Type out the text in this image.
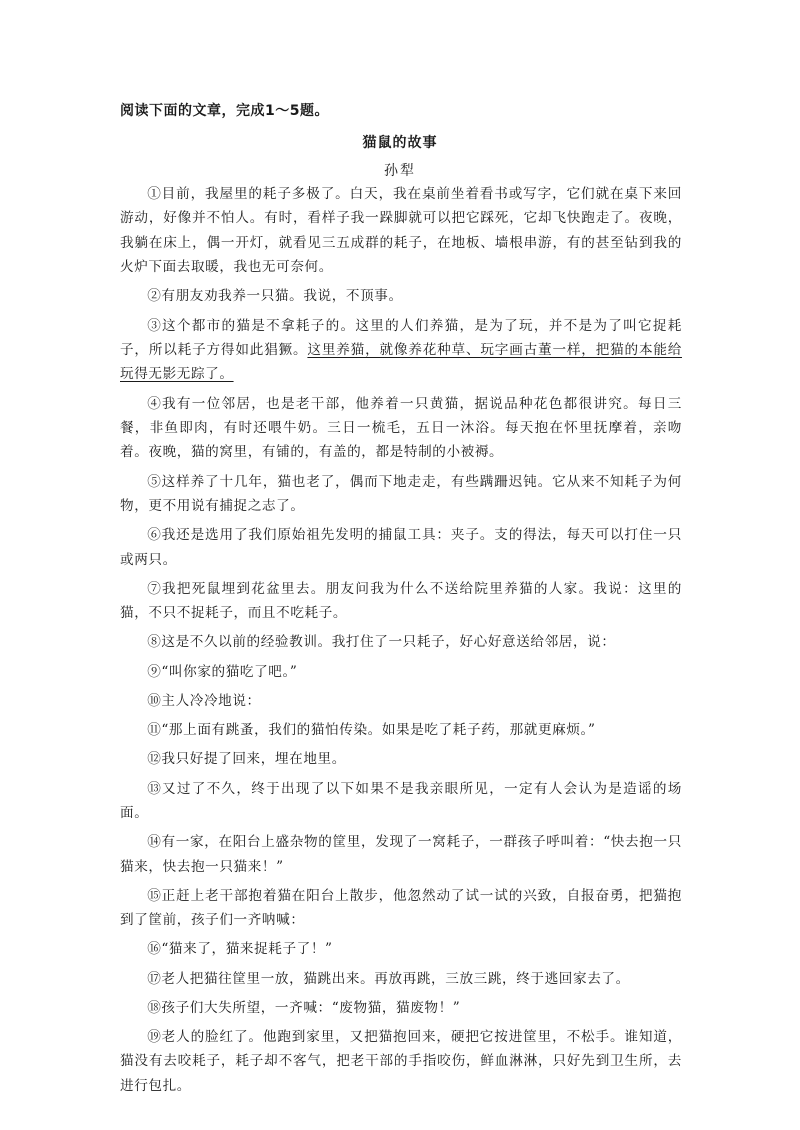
阅读下面的文章，完成1～5题。
猫鼠的故事
孙犁

①目前，我屋里的耗子多极了。白天，我在桌前坐着看书或写字，它们就在桌下来回游动，好像并不怕人。有时，看样子我一跺脚就可以把它踩死，它却飞快跑走了。夜晚，我躺在床上，偶一开灯，就看见三五成群的耗子，在地板、墙根串游，有的甚至钻到我的火炉下面去取暖，我也无可奈何。

②有朋友劝我养一只猫。我说，不顶事。

③这个都市的猫是不拿耗子的。这里的人们养猫，是为了玩，并不是为了叫它捉耗子，所以耗子方得如此猖獗。这里养猫，就像养花种草、玩字画古董一样，把猫的本能给玩得无影无踪了。

④我有一位邻居，也是老干部，他养着一只黄猫，据说品种花色都很讲究。每日三餐，非鱼即肉，有时还喂牛奶。三日一梳毛，五日一沐浴。每天抱在怀里抚摩着，亲吻着。夜晚，猫的窝里，有铺的，有盖的，都是特制的小被褥。

⑤这样养了十几年，猫也老了，偶而下地走走，有些蹒跚迟钝。它从来不知耗子为何物，更不用说有捕捉之志了。

⑥我还是选用了我们原始祖先发明的捕鼠工具：夹子。支的得法，每天可以打住一只或两只。

⑦我把死鼠埋到花盆里去。朋友问我为什么不送给院里养猫的人家。我说：这里的猫，不只不捉耗子，而且不吃耗子。

⑧这是不久以前的经验教训。我打住了一只耗子，好心好意送给邻居，说：

⑨“叫你家的猫吃了吧。”

⑩主人冷冷地说：

⑪“那上面有跳蚤，我们的猫怕传染。如果是吃了耗子药，那就更麻烦。”

⑫我只好提了回来，埋在地里。

⑬又过了不久，终于出现了以下如果不是我亲眼所见，一定有人会认为是造谣的场面。

⑭有一家，在阳台上盛杂物的筐里，发现了一窝耗子，一群孩子呼叫着：“快去抱一只猫来，快去抱一只猫来！”

⑮正赶上老干部抱着猫在阳台上散步，他忽然动了试一试的兴致，自报奋勇，把猫抱到了筐前，孩子们一齐呐喊：

⑯“猫来了，猫来捉耗子了！”

⑰老人把猫往筐里一放，猫跳出来。再放再跳，三放三跳，终于逃回家去了。

⑱孩子们大失所望，一齐喊：“废物猫，猫废物！”

⑲老人的脸红了。他跑到家里，又把猫抱回来，硬把它按进筐里，不松手。谁知道，猫没有去咬耗子，耗子却不客气，把老干部的手指咬伤，鲜血淋淋，只好先到卫生所，去进行包扎。
